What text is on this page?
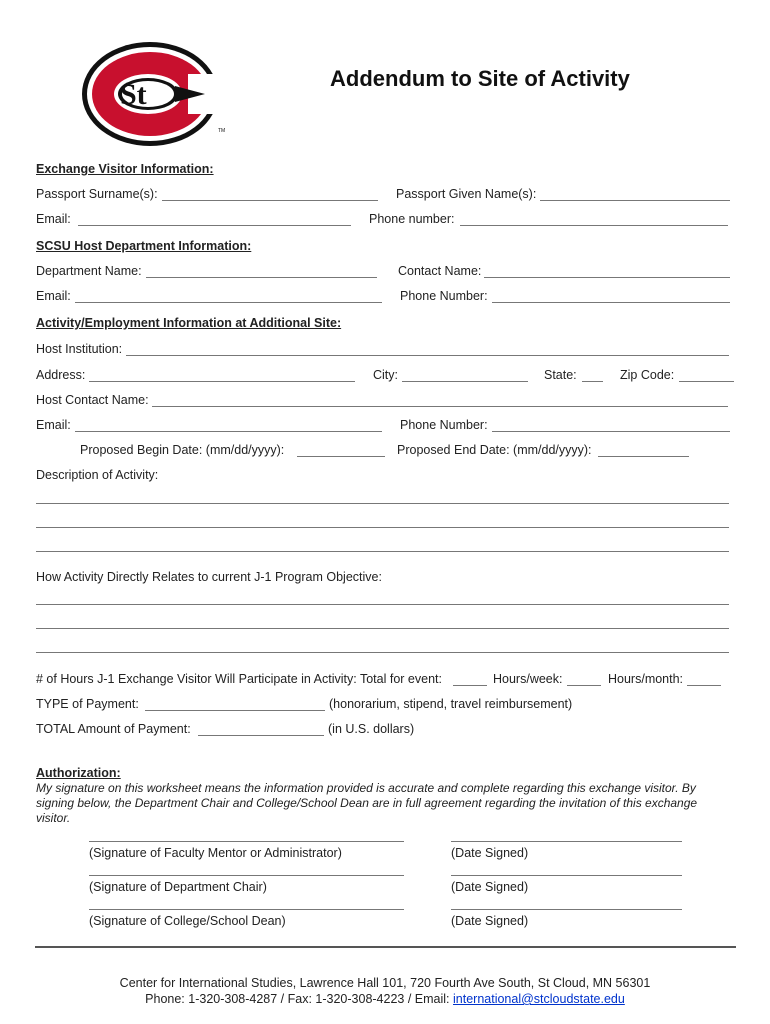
St
TM
Addendum to Site of Activity
Exchange Visitor Information:
Passport Surname(s):	Passport Given Name(s):
Email:	Phone number:
SCSU Host Department Information:
Department Name:	Contact Name:
Email:	Phone Number:
Activity/Employment Information at Additional Site:
Host Institution:
Address:	City:	State:	Zip Code:
Host Contact Name:
Email:	Phone Number:
Proposed Begin Date: (mm/dd/yyyy):	Proposed End Date: (mm/dd/yyyy):
Description of Activity:
How Activity Directly Relates to current J-1 Program Objective:
# of Hours J-1 Exchange Visitor Will Participate in Activity: Total for event:	Hours/week:	Hours/month:
TYPE of Payment:	(honorarium, stipend, travel reimbursement)
TOTAL Amount of Payment:	(in U.S. dollars)
Authorization:
My signature on this worksheet means the information provided is accurate and complete regarding this exchange visitor. By
signing below, the Department Chair and College/School Dean are in full agreement regarding the invitation of this exchange
visitor.
(Signature of Faculty Mentor or Administrator)	(Date Signed)
(Signature of Department Chair)	(Date Signed)
(Signature of College/School Dean)	(Date Signed)
Center for International Studies, Lawrence Hall 101, 720 Fourth Ave South, St Cloud, MN 56301
Phone: 1-320-308-4287 / Fax: 1-320-308-4223 / Email: international@stcloudstate.edu
